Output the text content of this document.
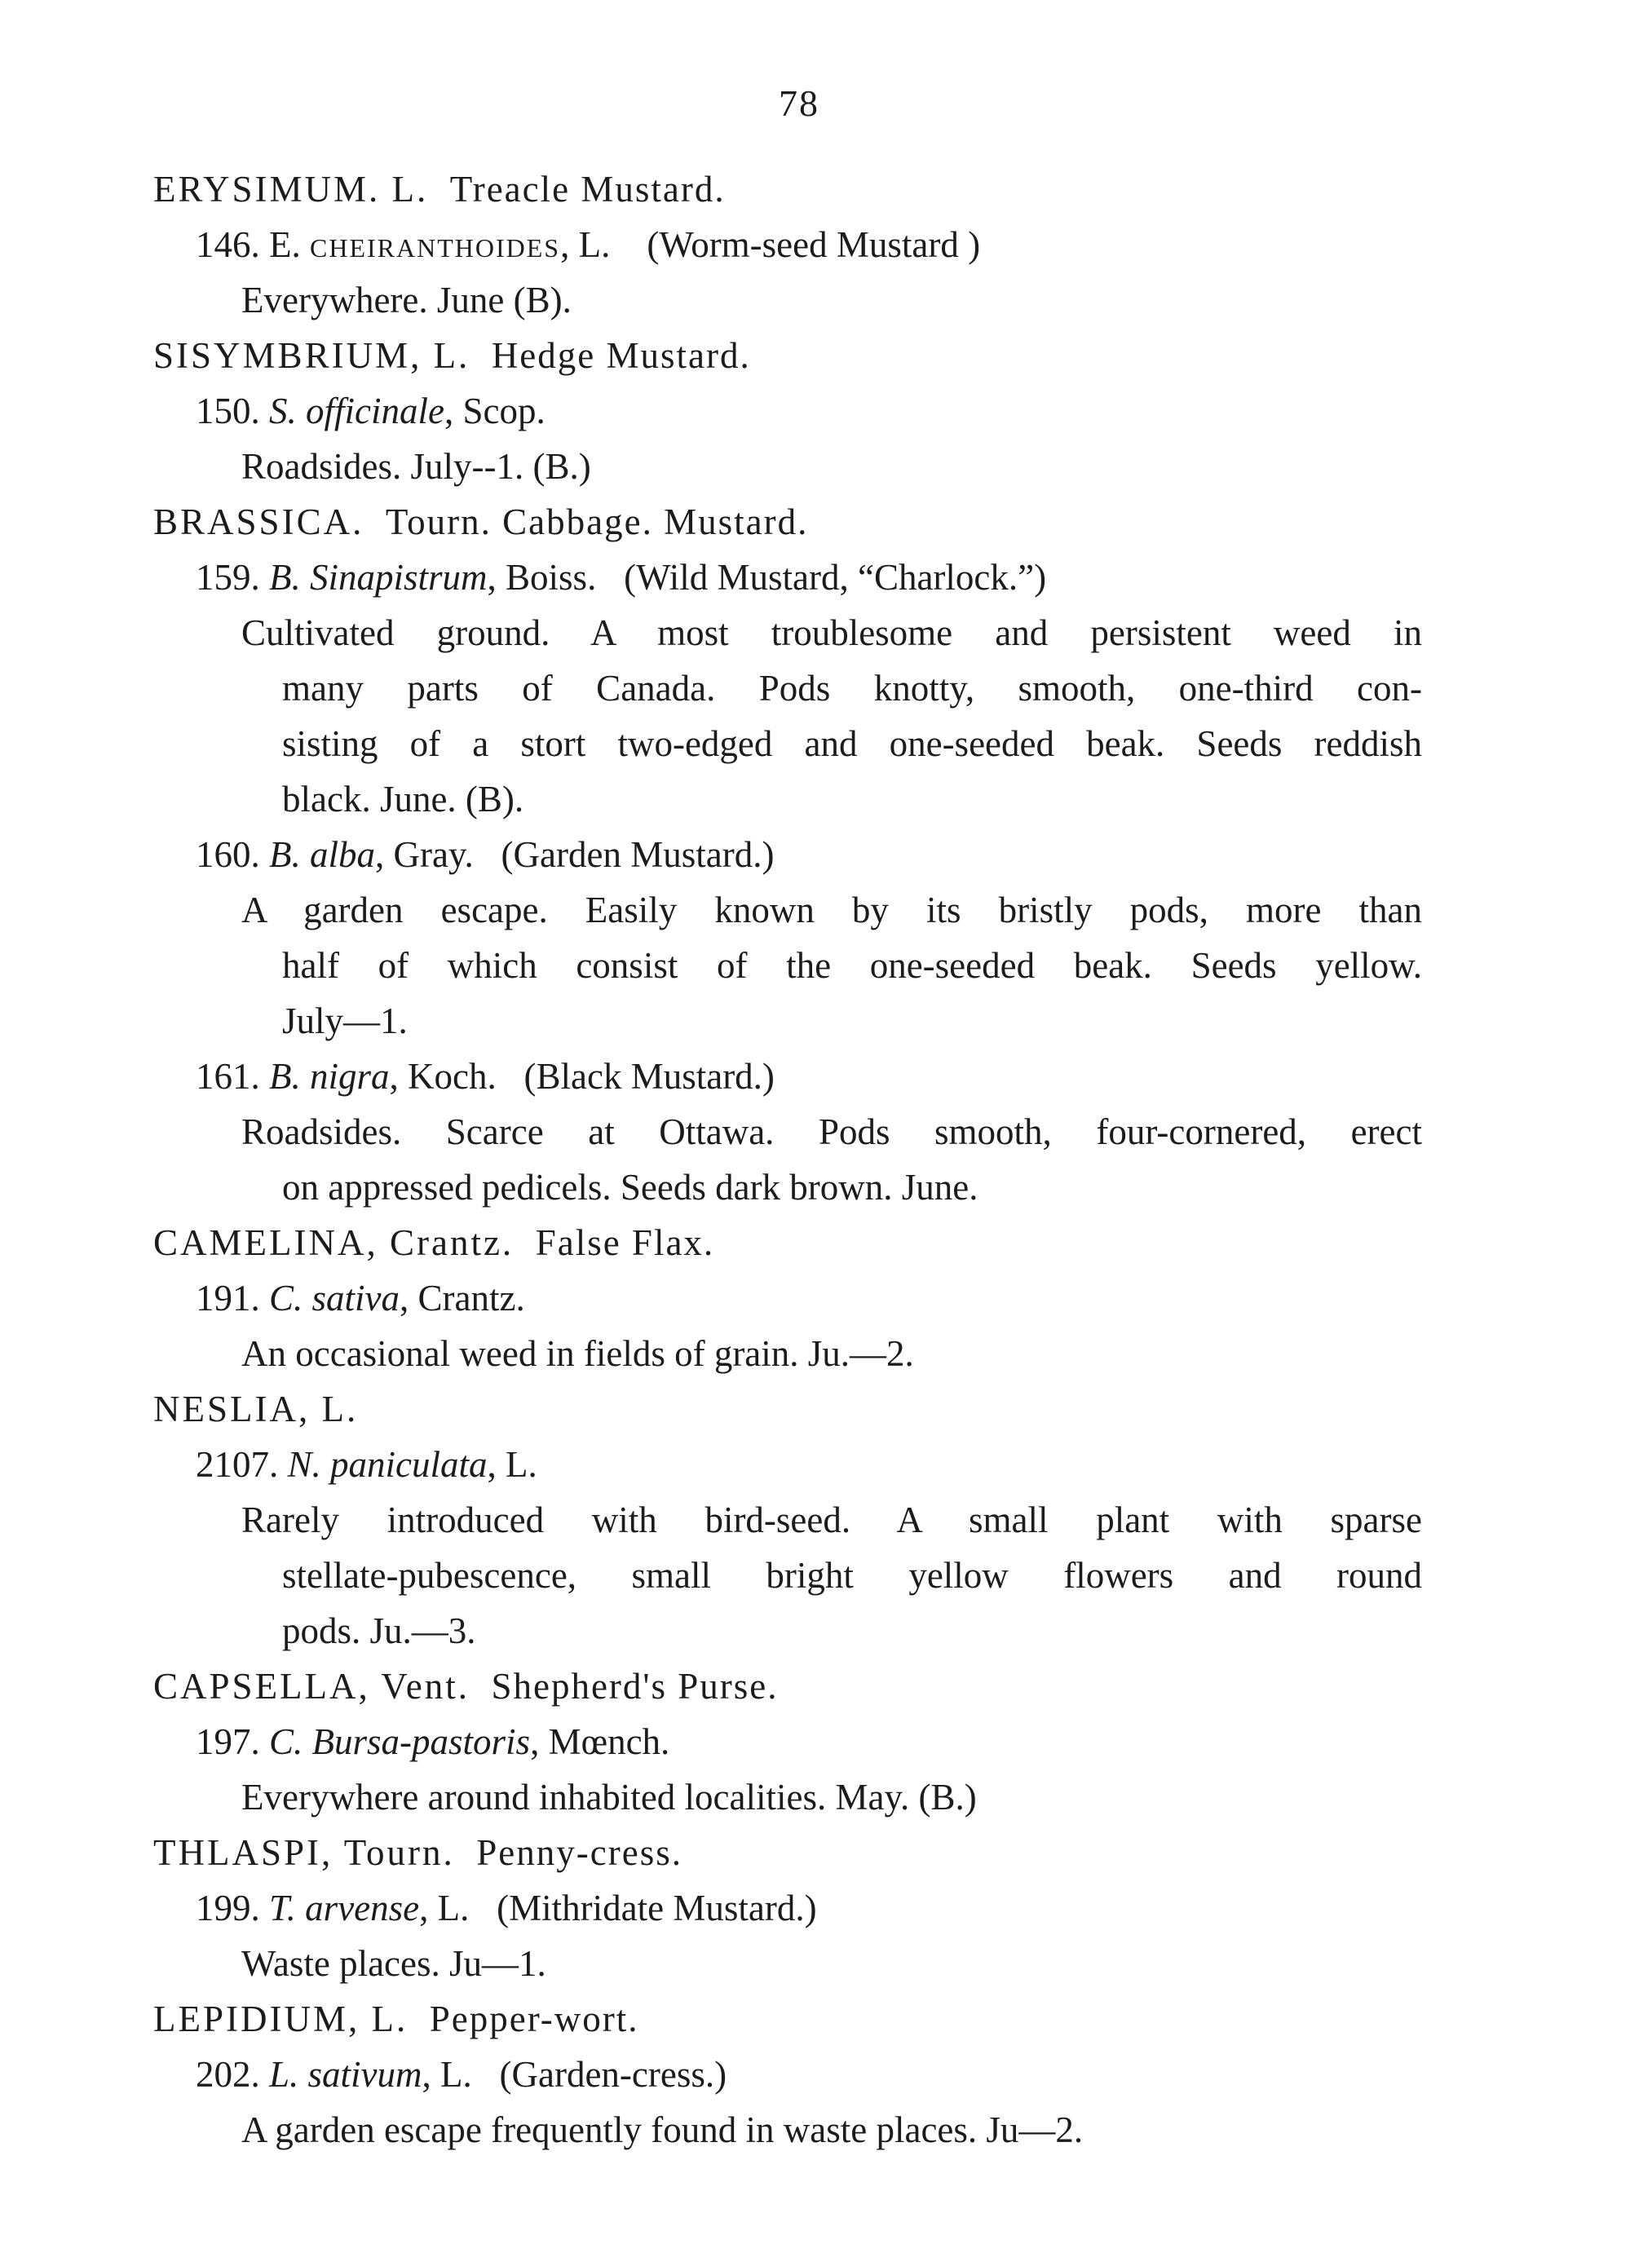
78
ERYSIMUM. L. Treacle Mustard.
146. E. cheiranthoides, L. (Worm-seed Mustard )
Everywhere. June (B).
SISYMBRIUM, L. Hedge Mustard.
150. S. officinale, Scop.
Roadsides. July--1. (B.)
BRASSICA. Tourn. Cabbage. Mustard.
159. B. Sinapistrum, Boiss. (Wild Mustard, “Charlock.”)
Cultivated ground. A most troublesome and persistent weed in
many parts of Canada. Pods knotty, smooth, one-third con-
sisting of a stort two-edged and one-seeded beak. Seeds reddish
black. June. (B).
160. B. alba, Gray. (Garden Mustard.)
A garden escape. Easily known by its bristly pods, more than
half of which consist of the one-seeded beak. Seeds yellow.
July—1.
161. B. nigra, Koch. (Black Mustard.)
Roadsides. Scarce at Ottawa. Pods smooth, four-cornered, erect
on appressed pedicels. Seeds dark brown. June.
CAMELINA, Crantz. False Flax.
191. C. sativa, Crantz.
An occasional weed in fields of grain. Ju.—2.
NESLIA, L.
2107. N. paniculata, L.
Rarely introduced with bird-seed. A small plant with sparse
stellate-pubescence, small bright yellow flowers and round
pods. Ju.—3.
CAPSELLA, Vent. Shepherd's Purse.
197. C. Bursa-pastoris, Mœnch.
Everywhere around inhabited localities. May. (B.)
THLASPI, Tourn. Penny-cress.
199. T. arvense, L. (Mithridate Mustard.)
Waste places. Ju—1.
LEPIDIUM, L. Pepper-wort.
202. L. sativum, L. (Garden-cress.)
A garden escape frequently found in waste places. Ju—2.
